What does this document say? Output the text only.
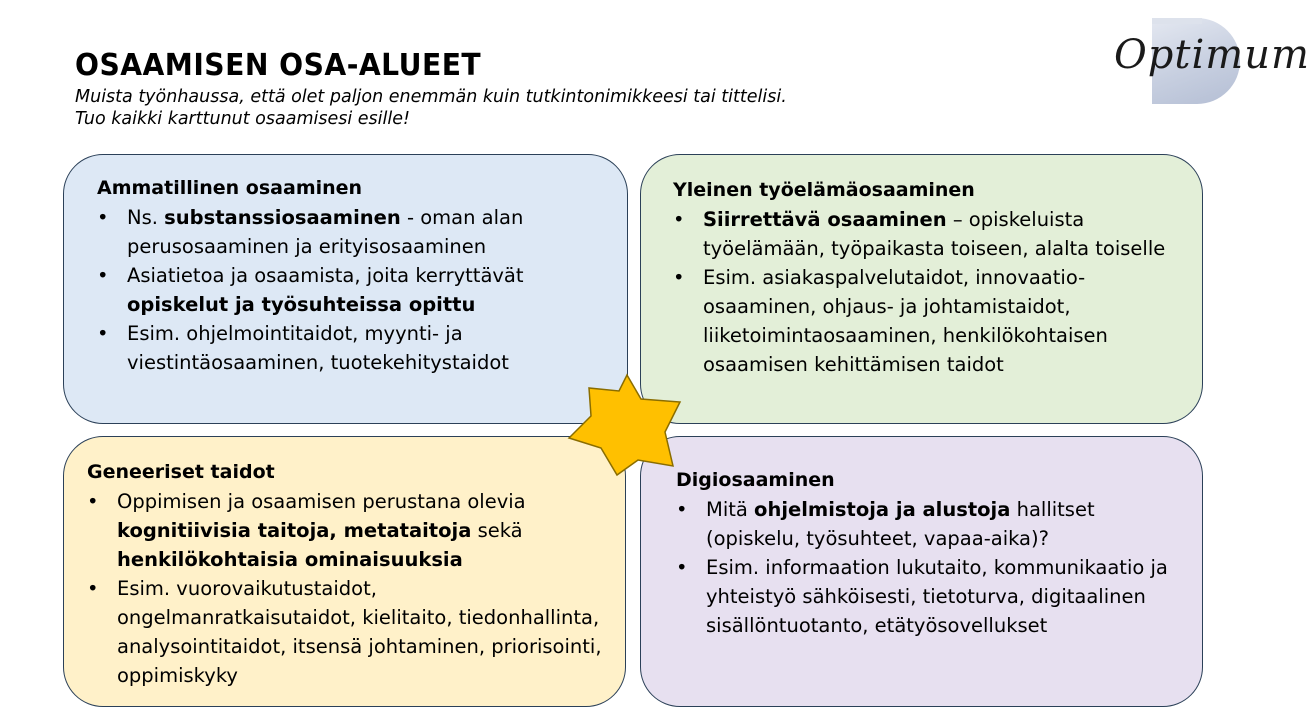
OSAAMISEN OSA-ALUEET

Muista työnhaussa, että olet paljon enemmän kuin tutkintonimikkeesi tai tittelisi.
Tuo kaikki karttunut osaamisesi esille!

Optimum

Ammatillinen osaaminen
• Ns. substanssiosaaminen - oman alan perusosaaminen ja erityisosaaminen
• Asiatietoa ja osaamista, joita kerryttävät opiskelut ja työsuhteissa opittu
• Esim. ohjelmointitaidot, myynti- ja viestintäosaaminen, tuotekehitystaidot
Yleinen työelämäosaaminen
• Siirrettävä osaaminen – opiskeluista työelämään, työpaikasta toiseen, alalta toiselle
• Esim. asiakaspalvelutaidot, innovaatio-osaaminen, ohjaus- ja johtamistaidot, liiketoimintaosaaminen, henkilökohtaisen osaamisen kehittämisen taidot
Geneeriset taidot
• Oppimisen ja osaamisen perustana olevia kognitiivisia taitoja, metataitoja sekä henkilökohtaisia ominaisuuksia
• Esim. vuorovaikutustaidot, ongelmanratkaisutaidot, kielitaito, tiedonhallinta, analysointitaidot, itsensä johtaminen, priorisointi, oppimiskyky
Digiosaaminen
• Mitä ohjelmistoja ja alustoja hallitset (opiskelu, työsuhteet, vapaa-aika)?
• Esim. informaation lukutaito, kommunikaatio ja yhteistyö sähköisesti, tietoturva, digitaalinen sisällöntuotanto, etätyösovellukset
